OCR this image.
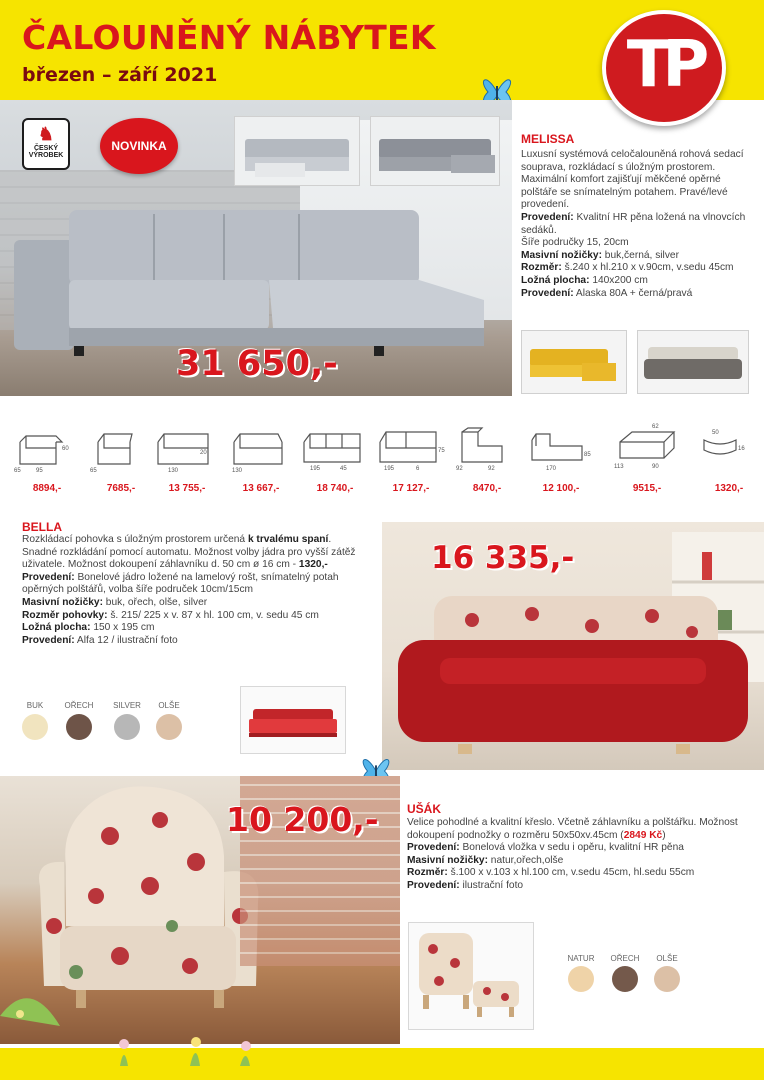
ČALOUNĚNÝ NÁBYTEK
březen – září 2021	TP
♞
ČESKÝ VÝROBEK
NOVINKA
31 650,-
MELISSA
Luxusní systémová celočalouněná rohová sedací souprava, rozkládací s úložným prostorem. Maximální komfort zajišťují měkčené opěrné polštáře se snímatelným potahem. Pravé/levé provedení.
Provedení: Kvalitní HR pěna ložená na vlnovcích sedáků.
Šíře područky 15, 20cm
Masivní nožičky: buk,černá, silver
Rozměr: š.240 x hl.210 x v.90cm, v.sedu 45cm
Ložná plocha: 140x200 cm
Provedení: Alaska 80A + černá/pravá
60
65	95
8894,-
65
7685,-
130
20
13 755,-
130
13 667,-
195	45
18 740,-
75
195	6
17 127,-
92	92
8470,-
170
85
12 100,-
62
113	90
9515,-
50
16
1320,-
BELLA
Rozkládací pohovka s úložným prostorem určená k trvalému spaní. Snadné rozkládání pomocí automatu. Možnost volby jádra pro vyšší zátěž uživatele. Možnost dokoupení záhlavníku d. 50 cm ø 16 cm - 1320,-
Provedení: Bonelové jádro ložené na lamelový rošt, snímatelný potah opěrných polštářů, volba šíře područek 10cm/15cm
Masivní nožičky: buk, ořech, olše, silver
Rozměr pohovky: š. 215/ 225 x v. 87 x hl. 100 cm, v. sedu 45 cm
Ložná plocha: 150 x 195 cm
Provedení: Alfa 12 / ilustrační foto
BUK	OŘECH	SILVER	OLŠE
16 335,-
10 200,- UŠÁK
Velice pohodlné a kvalitní křeslo. Včetně záhlavníku a polštářku. Možnost dokoupení podnožky o rozměru 50x50xv.45cm (2849 Kč)
Provedení: Bonelová vložka v sedu i opěru, kvalitní HR pěna
Masivní nožičky: natur,ořech,olše
Rozměr: š.100 x v.103 x hl.100 cm, v.sedu 45cm, hl.sedu 55cm
Provedení: ilustrační foto
NATUR	OŘECH	OLŠE
